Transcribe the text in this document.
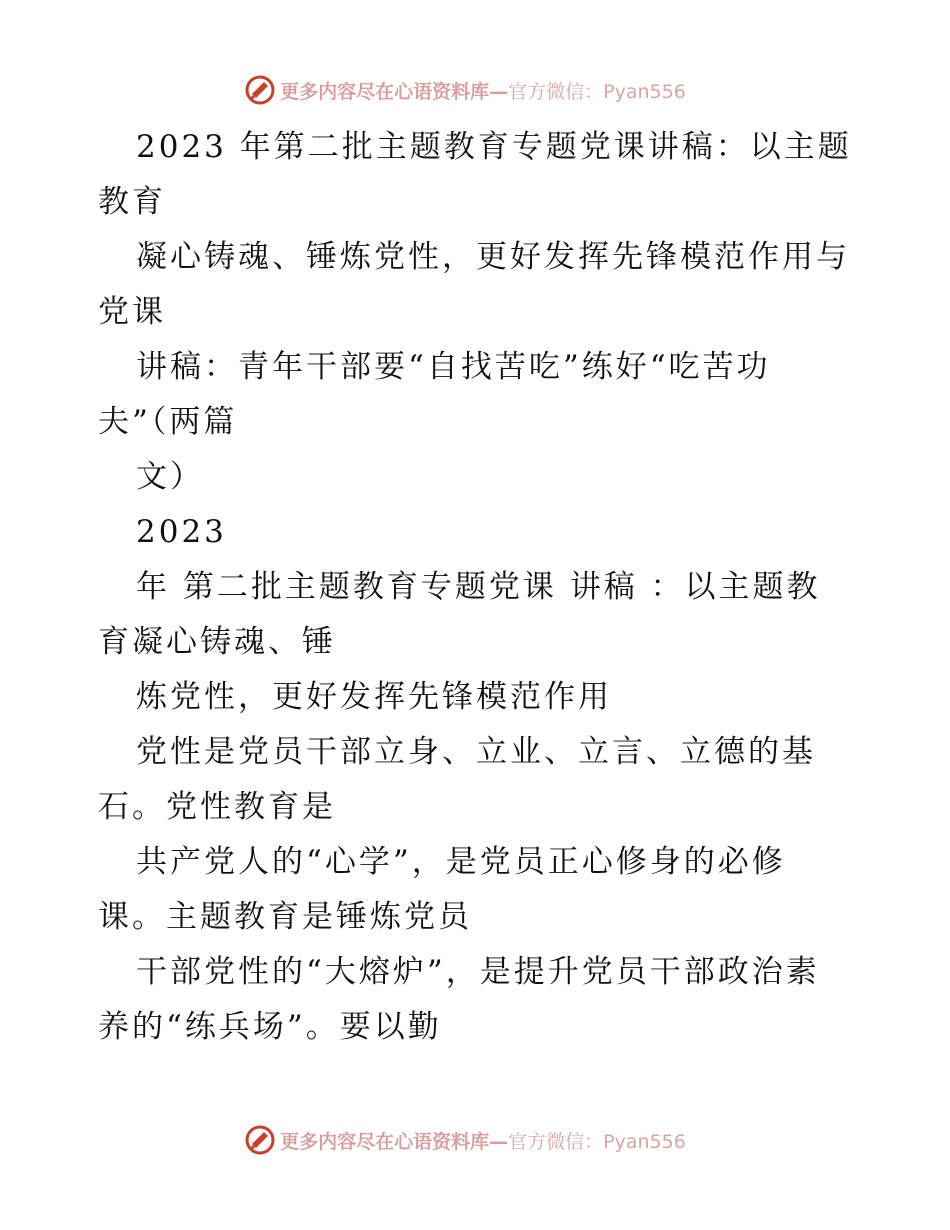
更多内容尽在心语资料库—官方微信：Pyan556
2023 年第二批主题教育专题党课讲稿：以主题
教育
凝心铸魂、锤炼党性，更好发挥先锋模范作用与
党课
讲稿：青年干部要“自找苦吃”练好“吃苦功
夫”（两篇
文）
2023
年 第二批主题教育专题党课 讲稿 ：以主题教
育凝心铸魂、锤
炼党性，更好发挥先锋模范作用
党性是党员干部立身、立业、立言、立德的基
石。党性教育是
共产党人的“心学”，是党员正心修身的必修
课。主题教育是锤炼党员
干部党性的“大熔炉”，是提升党员干部政治素
养的“练兵场”。要以勤
更多内容尽在心语资料库—官方微信：Pyan556
